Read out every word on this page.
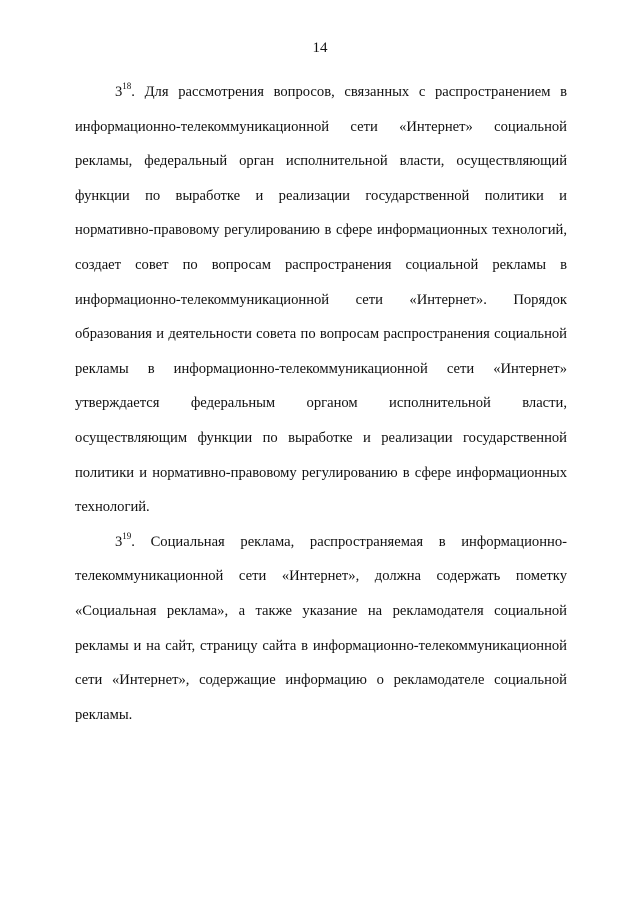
14

$3^{18}$. Для рассмотрения вопросов, связанных с распространением в информационно-телекоммуникационной сети «Интернет» социальной рекламы, федеральный орган исполнительной власти, осуществляющий функции по выработке и реализации государственной политики и нормативно-правовому регулированию в сфере информационных технологий, создает совет по вопросам распространения социальной рекламы в информационно-телекоммуникационной сети «Интернет». Порядок образования и деятельности совета по вопросам распространения социальной рекламы в информационно-телекоммуникационной сети «Интернет» утверждается федеральным органом исполнительной власти, осуществляющим функции по выработке и реализации государственной политики и нормативно-правовому регулированию в сфере информационных технологий.

$3^{19}$. Социальная реклама, распространяемая в информационно-телекоммуникационной сети «Интернет», должна содержать пометку «Социальная реклама», а также указание на рекламодателя социальной рекламы и на сайт, страницу сайта в информационно-телекоммуникационной сети «Интернет», содержащие информацию о рекламодателе социальной рекламы.
